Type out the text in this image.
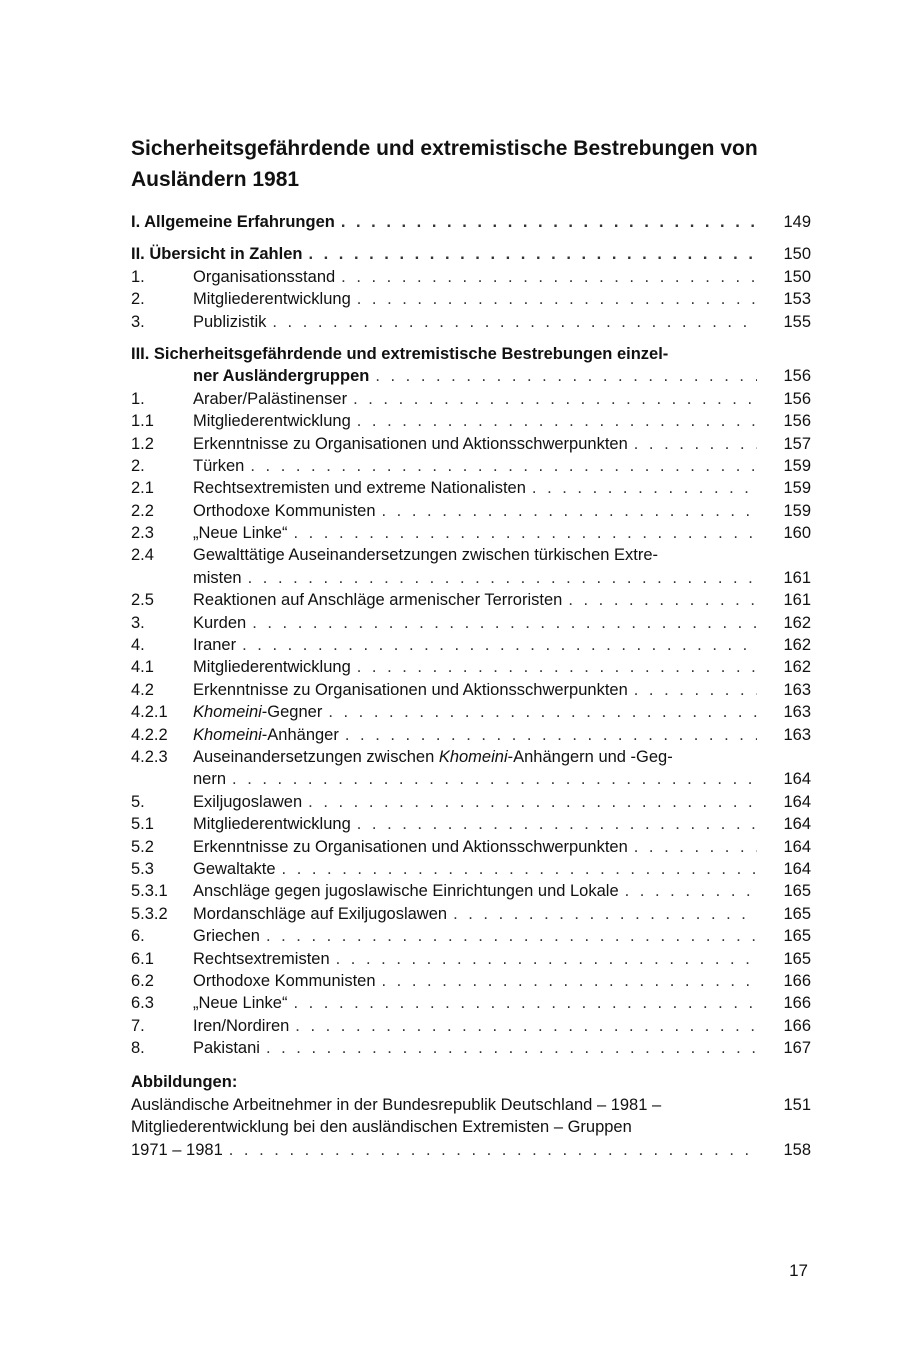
Sicherheitsgefährdende und extremistische Bestrebungen von Ausländern 1981
I. Allgemeine Erfahrungen . . .	149
II. Übersicht in Zahlen . . .	150
1.	Organisationsstand . . .	150
2.	Mitgliederentwicklung . . .	153
3.	Publizistik . . .	155
III. Sicherheitsgefährdende und extremistische Bestrebungen einzel-
ner Ausländergruppen . . .	156
1.	Araber/Palästinenser . . .	156
1.1	Mitgliederentwicklung . . .	156
1.2	Erkenntnisse zu Organisationen und Aktionsschwerpunkten . . .	157
2.	Türken . . .	159
2.1	Rechtsextremisten und extreme Nationalisten . . .	159
2.2	Orthodoxe Kommunisten . . .	159
2.3	„Neue Linke“ . . .	160
2.4	Gewalttätige Auseinandersetzungen zwischen türkischen Extre-
misten . . .	161
2.5	Reaktionen auf Anschläge armenischer Terroristen . . .	161
3.	Kurden . . .	162
4.	Iraner . . .	162
4.1	Mitgliederentwicklung . . .	162
4.2	Erkenntnisse zu Organisationen und Aktionsschwerpunkten . . .	163
4.2.1	Khomeini-Gegner . . .	163
4.2.2	Khomeini-Anhänger . . .	163
4.2.3	Auseinandersetzungen zwischen Khomeini-Anhängern und -Geg-
nern . . .	164
5.	Exiljugoslawen . . .	164
5.1	Mitgliederentwicklung . . .	164
5.2	Erkenntnisse zu Organisationen und Aktionsschwerpunkten . . .	164
5.3	Gewaltakte . . .	164
5.3.1	Anschläge gegen jugoslawische Einrichtungen und Lokale . . .	165
5.3.2	Mordanschläge auf Exiljugoslawen . . .	165
6.	Griechen . . .	165
6.1	Rechtsextremisten . . .	165
6.2	Orthodoxe Kommunisten . . .	166
6.3	„Neue Linke“ . . .	166
7.	Iren/Nordiren . . .	166
8.	Pakistani . . .	167
Abbildungen:
Ausländische Arbeitnehmer in der Bundesrepublik Deutschland – 1981 –	151
Mitgliederentwicklung bei den ausländischen Extremisten – Gruppen
1971 – 1981 . . .	158
17
